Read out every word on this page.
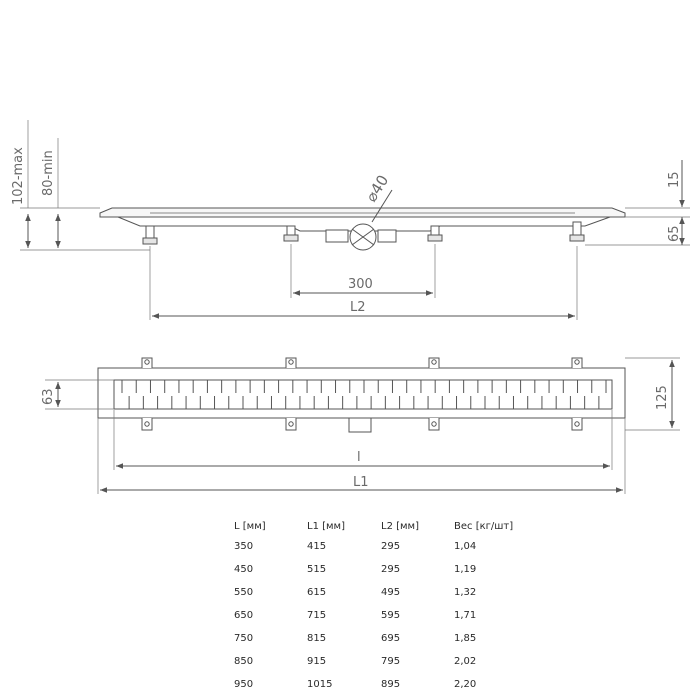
102-max 80-min	15
65
⌀40
300
L2
63	125
l
L1
L [мм]	L1 [мм]	L2 [мм]	Вес [кг/шт]
350	415	295	1,04
450	515	295	1,19
550	615	495	1,32
650	715	595	1,71
750	815	695	1,85
850	915	795	2,02
950	1015	895	2,20
